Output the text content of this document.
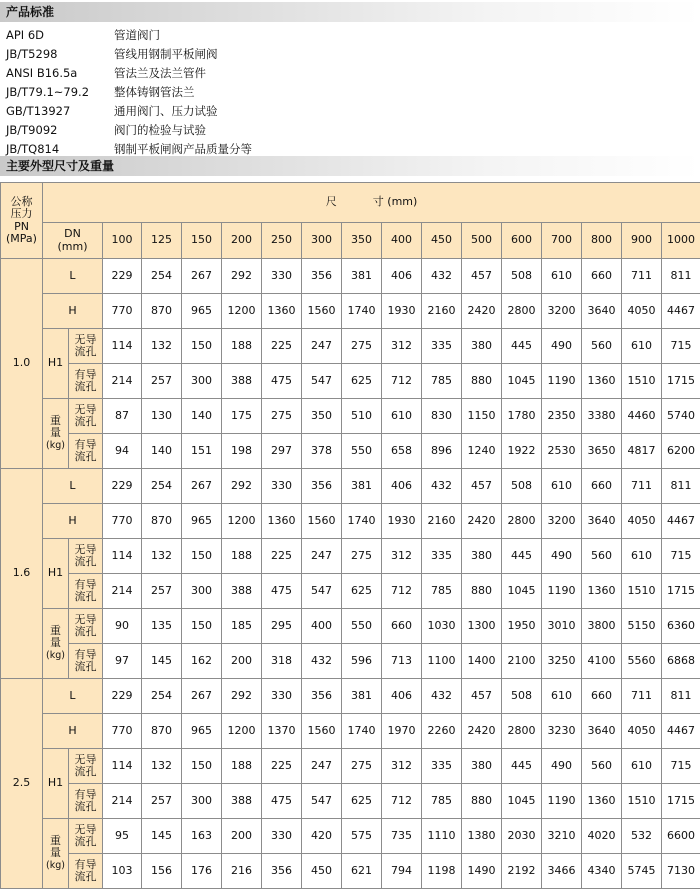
产品标准
API 6D	管道阀门
JB/T5298	管线用钢制平板闸阀
ANSI B16.5a	管法兰及法兰管件
JB/T79.1~79.2 整体铸钢管法兰
GB/T13927	通用阀门、压力试验
JB/T9092	阀门的检验与试验
JB/TQ814	钢制平板闸阀产品质量分等
主要外型尺寸及重量
公称
压力
PN
(MPa)	尺 寸 (mm)																
	DN
(mm)		100	125	150	200	250	300	350	400	450	500	600	700	800	900	1000
1.0	L		229	254	267	292	330	356	381	406	432	457	508	610	660	711	811
	H		770	870	965	1200	1360	1560	1740	1930	2160	2420	2800	3200	3640	4050	4467
	H1	无导
流孔	114	132	150	188	225	247	275	312	335	380	445	490	560	610	715
		有导
流孔	214	257	300	388	475	547	625	712	785	880	1045	1190	1360	1510	1715
	重
量
(kg)	无导
流孔	87	130	140	175	275	350	510	610	830	1150	1780	2350	3380	4460	5740
		有导
流孔	94	140	151	198	297	378	550	658	896	1240	1922	2530	3650	4817	6200
1.6	L		229	254	267	292	330	356	381	406	432	457	508	610	660	711	811
	H		770	870	965	1200	1360	1560	1740	1930	2160	2420	2800	3200	3640	4050	4467
	H1	无导
流孔	114	132	150	188	225	247	275	312	335	380	445	490	560	610	715
		有导
流孔	214	257	300	388	475	547	625	712	785	880	1045	1190	1360	1510	1715
	重
量
(kg)	无导
流孔	90	135	150	185	295	400	550	660	1030	1300	1950	3010	3800	5150	6360
		有导
流孔	97	145	162	200	318	432	596	713	1100	1400	2100	3250	4100	5560	6868
2.5	L		229	254	267	292	330	356	381	406	432	457	508	610	660	711	811
	H		770	870	965	1200	1370	1560	1740	1970	2260	2420	2800	3230	3640	4050	4467
	H1	无导
流孔	114	132	150	188	225	247	275	312	335	380	445	490	560	610	715
		有导
流孔	214	257	300	388	475	547	625	712	785	880	1045	1190	1360	1510	1715
	重
量
(kg)	无导
流孔	95	145	163	200	330	420	575	735	1110	1380	2030	3210	4020	532	6600
		有导
流孔	103	156	176	216	356	450	621	794	1198	1490	2192	3466	4340	5745	7130
